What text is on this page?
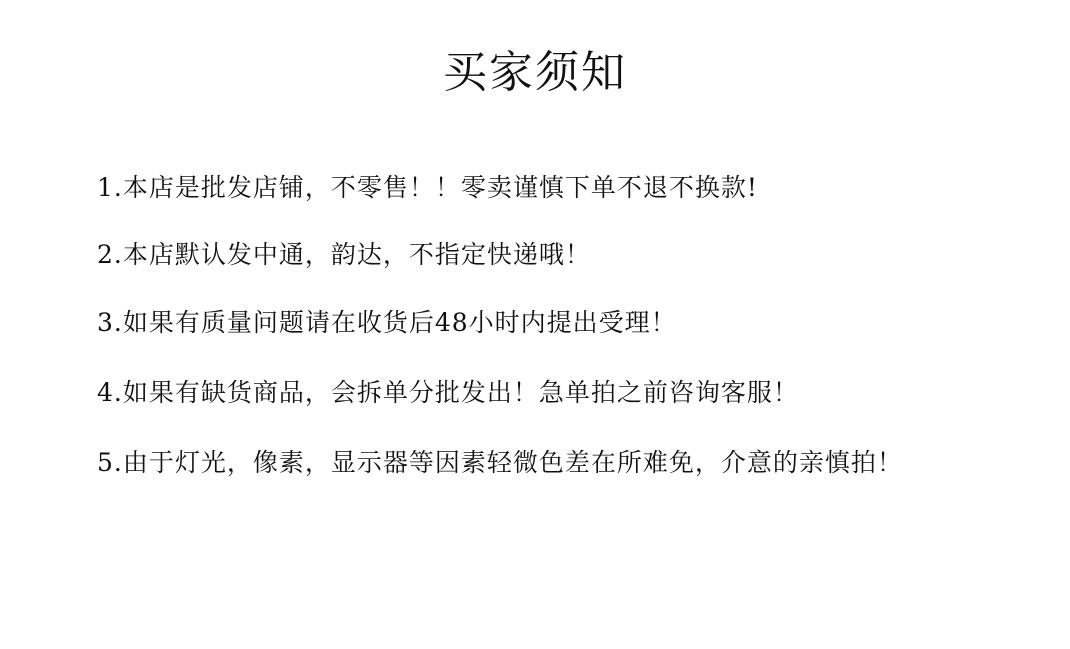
买家须知
1.本店是批发店铺，不零售！！零卖谨慎下单不退不换款!
2.本店默认发中通，韵达，不指定快递哦！
3.如果有质量问题请在收货后48小时内提出受理！
4.如果有缺货商品，会拆单分批发出！急单拍之前咨询客服！
5.由于灯光，像素，显示器等因素轻微色差在所难免，介意的亲慎拍！
